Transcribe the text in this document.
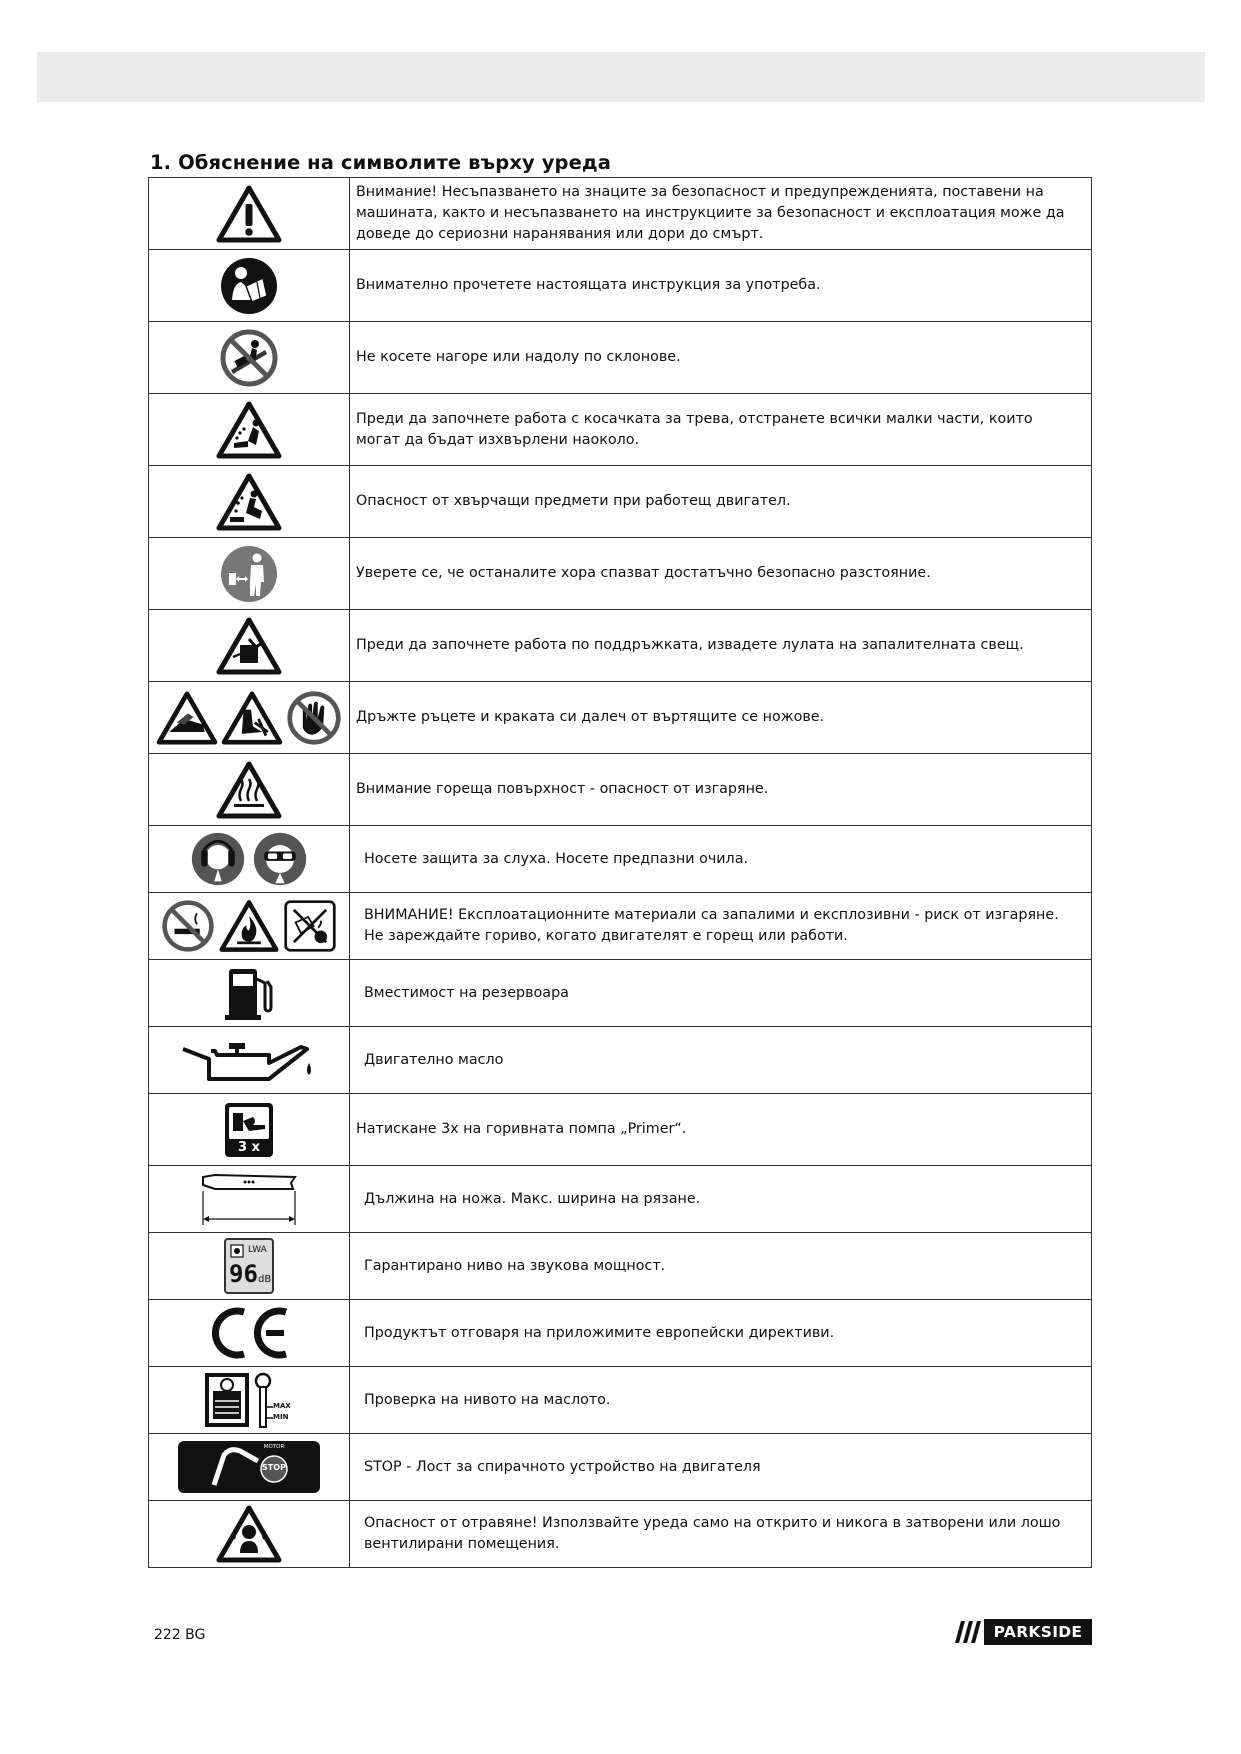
1. Обяснение на символите върху уреда
	Внимание! Несъпазването на знаците за безопасност и предупрежденията, поставени на машината, както и несъпазването на инструкциите за безопасност и експлоатация може да доведе до сериозни наранявания или дори до смърт.

	Внимателно прочетете настоящата инструкция за употреба.

	Не косете нагоре или надолу по склонове.

	Преди да започнете работа с косачката за трева, отстранете всички малки части, които могат да бъдат изхвърлени наоколо.

	Опасност от хвърчащи предмети при работещ двигател.

	Уверете се, че останалите хора спазват достатъчно безопасно разстояние.

	Преди да започнете работа по поддръжката, извадете лулата на запалителната свещ.

	Дръжте ръцете и краката си далеч от въртящите се ножове.

	Внимание гореща повърхност - опасност от изгаряне.

	Носете защита за слуха. Носете предпазни очила.

ВНИМАНИЕ! Експлоатационните материали са запалими и експлозивни - риск от изгаряне. Не зареждайте гориво, когато двигателят е горещ или работи.

	Вместимост на резервоара

	Двигателно масло

3 x	Натискане 3x на горивната помпа „Primer“.

	Дължина на ножа. Макс. ширина на рязане.

LWA
96 dB	Гарантирано ниво на звукова мощност.

	Продуктът отговаря на приложимите европейски директиви.

MAX
MIN	Проверка на нивото на маслото.

MOTOR
STOP	STOP - Лост за спирачното устройство на двигателя

	Опасност от отравяне! Използвайте уреда само на открито и никога в затворени или лошо вентилирани помещения.
222 BG	PARKSIDE
